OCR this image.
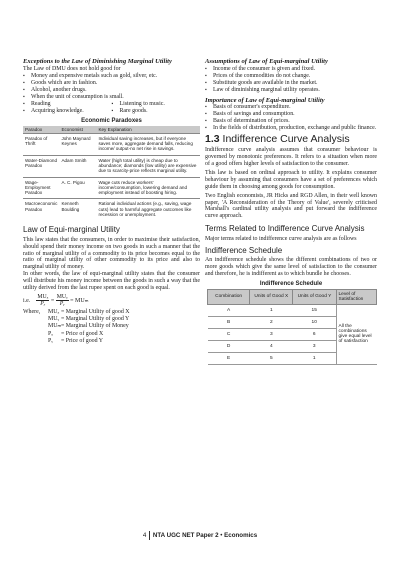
Exceptions to the Law of Diminishing Marginal Utility

The Law of DMU does not hold good for

▪ Money and expensive metals such as gold, silver, etc.

▪ Goods which are in fashion.

▪ Alcohol, another drugs.

▪ When the unit of consumption is small.

▪ Reading	▪ Listening to music.

▪ Acquiring knowledge.	▪ Rare goods.

Economic Paradoxes
Paradox	Economist	Key Explanation
Paradox of Thrift	John Maynard Keynes	Individual saving increases, but if everyone saves more, aggregate demand falls, reducing income/ output-no net rise in savings.
Water-Diamond Paradox	Adam Smith	Water (high total utility) is cheap due to abundance; diamonds (low utility) are expensive due to scarcity-price reflects marginal utility.
Wage-Employment Paradox	A. C. Pigou	Wage cuts reduce workers' income/consumption, lowering demand and employment instead of boosting hiring.
Macroeconomic Paradox	Kenneth Boulding	Rational individual actions (e.g., saving, wage cuts) lead to harmful aggregate outcomes like recession or unemployment.
Law of Equi-marginal Utility

This law states that the consumers, in order to maximise their satisfaction, should spend their money income on two goods in such a manner that the ratio of marginal utility of a commodity to its price becomes equal to the ratio of marginal utility of other commodity to its price and also to marginal utility of money.

In other words, the law of equi-marginal utility states that the consumer will distribute his money income between the goods in such a way that the utility derived from the last rupee spent on each good is equal.

i.e. $\frac{\text{MUₓ}}{\text{Pₓ}} = \frac{\text{MUᵧ}}{\text{Pᵧ}} = MU_m$
Where,	MUₓ = Marginal Utility of good X
MUᵧ = Marginal Utility of good Y
MUₘ = Marginal Utility of Money
Pₓ	= Price of good X
Pᵧ	= Price of good Y
Assumptions of Law of Equi-marginal Utility

▪ Income of the consumer is given and fixed.

▪ Prices of the commodities do not change.

▪ Substitute goods are available in the market.

▪ Law of diminishing marginal utility operates.

Importance of Law of Equi-marginal Utility

▪ Basis of consumer's expenditure.

▪ Basis of savings and consumption.

▪ Basis of determination of prices.

▪ In the fields of distribution, production, exchange and public finance.

1.3 Indifference Curve Analysis

Indifference curve analysis assumes that consumer behaviour is governed by monotonic preferences. It refers to a situation when more of a good offers higher levels of satisfaction to the consumer.

This law is based on ordinal approach to utility. It explains consumer behaviour by assuming that consumers have a set of preferences which guide them in choosing among goods for consumption.

Two English economists, JR Hicks and RGD Allen, in their well known paper, 'A Reconsideration of the Theory of Value', severely criticised Marshall's cardinal utility analysis and put forward the indifference curve approach.

Terms Related to Indifference Curve Analysis

Major terms related to indifference curve analysis are as follows

Indifference Schedule

An indifference schedule shows the different combinations of two or more goods which give the same level of satisfaction to the consumer and therefore, he is indifferent as to which bundle he chooses.

Indifference Schedule
Combination	Units of Good X	Units of Good Y	Level of Satisfaction
A	1	15	All the combinations give equal level of satisfaction
B	2	10	
C	3	6	
D	4	3	
E	5	1	
4 NTA UGC NET Paper 2 • Economics
